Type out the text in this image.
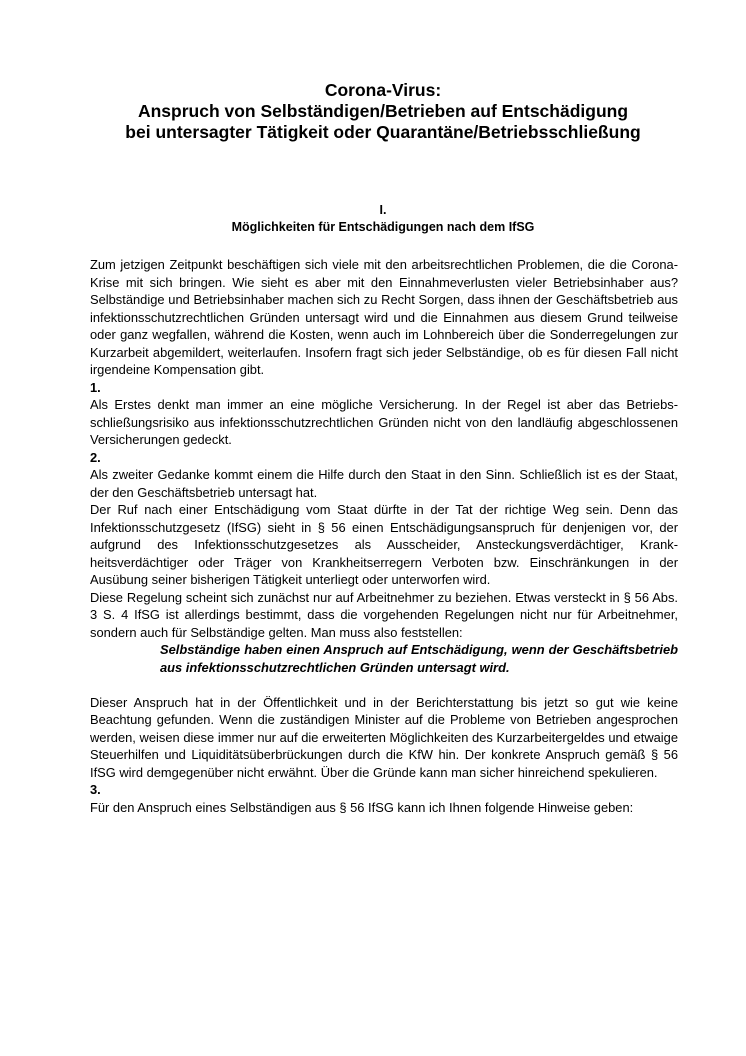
Corona-Virus:
Anspruch von Selbständigen/Betrieben auf Entschädigung
bei untersagter Tätigkeit oder Quarantäne/Betriebsschließung
I.
Möglichkeiten für Entschädigungen nach dem IfSG

Zum jetzigen Zeitpunkt beschäftigen sich viele mit den arbeitsrechtlichen Problemen, die die Corona-Krise mit sich bringen. Wie sieht es aber mit den Einnahmeverlusten vieler Betriebsinhaber aus? Selbständige und Betriebsinhaber machen sich zu Recht Sorgen, dass ihnen der Geschäftsbetrieb aus infektionsschutzrechtlichen Gründen untersagt wird und die Einnahmen aus diesem Grund teilweise oder ganz wegfallen, während die Kosten, wenn auch im Lohnbereich über die Sonderregelungen zur Kurzarbeit abgemildert, weiterlaufen. Insofern fragt sich jeder Selbständige, ob es für diesen Fall nicht irgendeine Kompensation gibt.

1.

Als Erstes denkt man immer an eine mögliche Versicherung. In der Regel ist aber das Betriebsschließungsrisiko aus infektionsschutzrechtlichen Gründen nicht von den landläufig abgeschlossenen Versicherungen gedeckt.

2.

Als zweiter Gedanke kommt einem die Hilfe durch den Staat in den Sinn. Schließlich ist es der Staat, der den Geschäftsbetrieb untersagt hat.

Der Ruf nach einer Entschädigung vom Staat dürfte in der Tat der richtige Weg sein. Denn das Infektionsschutzgesetz (IfSG) sieht in § 56 einen Entschädigungsanspruch für denjenigen vor, der aufgrund des Infektionsschutzgesetzes als Ausscheider, Ansteckungsverdächtiger, Krankheitsverdächtiger oder Träger von Krankheitserregern Verboten bzw. Einschränkungen in der Ausübung seiner bisherigen Tätigkeit unterliegt oder unterworfen wird.

Diese Regelung scheint sich zunächst nur auf Arbeitnehmer zu beziehen. Etwas versteckt in § 56 Abs. 3 S. 4 IfSG ist allerdings bestimmt, dass die vorgehenden Regelungen nicht nur für Arbeitnehmer, sondern auch für Selbständige gelten. Man muss also feststellen:

Selbständige haben einen Anspruch auf Entschädigung, wenn der Geschäftsbetrieb aus infektionsschutzrechtlichen Gründen untersagt wird.

Dieser Anspruch hat in der Öffentlichkeit und in der Berichterstattung bis jetzt so gut wie keine Beachtung gefunden. Wenn die zuständigen Minister auf die Probleme von Betrieben angesprochen werden, weisen diese immer nur auf die erweiterten Möglichkeiten des Kurzarbeitergeldes und etwaige Steuerhilfen und Liquiditätsüberbrückungen durch die KfW hin. Der konkrete Anspruch gemäß § 56 IfSG wird demgegenüber nicht erwähnt. Über die Gründe kann man sicher hinreichend spekulieren.

3.

Für den Anspruch eines Selbständigen aus § 56 IfSG kann ich Ihnen folgende Hinweise geben:
